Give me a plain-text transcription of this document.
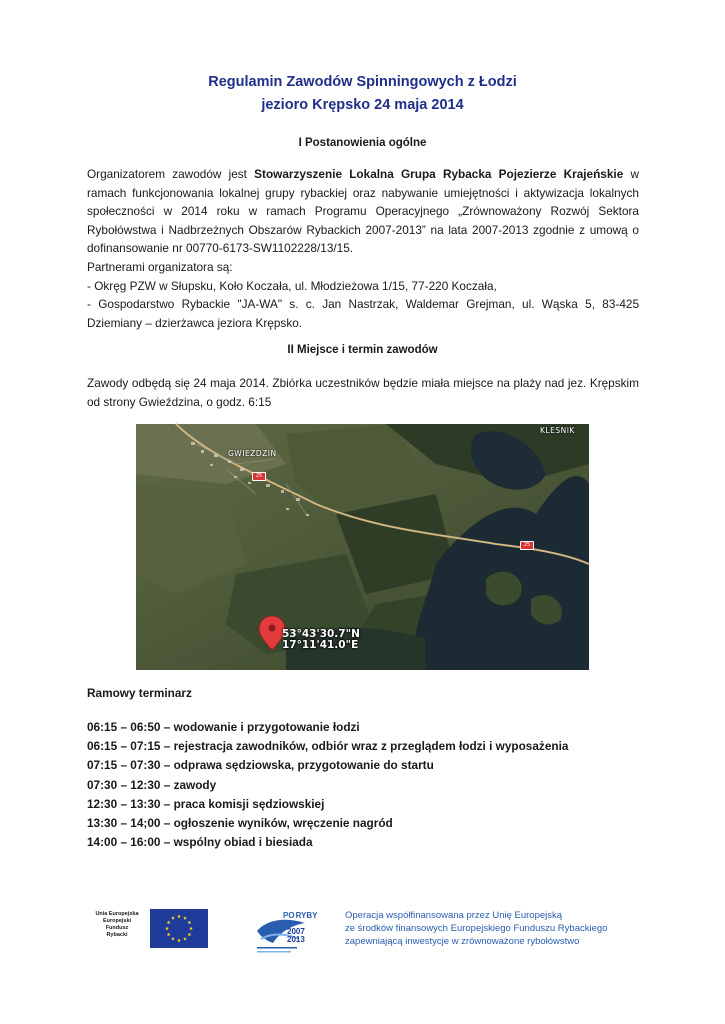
Regulamin Zawodów Spinningowych z Łodzi
jezioro Krępsko 24 maja 2014
I Postanowienia ogólne
Organizatorem zawodów jest Stowarzyszenie Lokalna Grupa Rybacka Pojezierze Krajeńskie w ramach funkcjonowania lokalnej grupy rybackiej oraz nabywanie umiejętności i aktywizacja lokalnych społeczności w 2014 roku w ramach Programu Operacyjnego „Zrównoważony Rozwój Sektora Rybołówstwa i Nadbrzeżnych Obszarów Rybackich 2007-2013” na lata 2007-2013 zgodnie z umową o dofinansowanie nr 00770-6173-SW1102228/13/15.
Partnerami organizatora są:
- Okręg PZW w Słupsku, Koło Koczała, ul. Młodzieżowa 1/15, 77-220 Koczała,
- Gospodarstwo Rybackie "JA-WA" s. c. Jan Nastrzak, Waldemar Grejman, ul. Wąska 5, 83-425 Dziemiany – dzierżawca jeziora Krępsko.
II Miejsce i termin zawodów
Zawody odbędą się 24 maja 2014. Zbiórka uczestników będzie miała miejsce na plaży nad jez. Krępskim od strony Gwieździna, o godz. 6:15
GWIEZDZIN
KLESNIK
25
25
53°43'30.7"N
17°11'41.0"E
Ramowy terminarz
06:15 – 06:50 – wodowanie i przygotowanie łodzi
06:15 – 07:15 – rejestracja zawodników, odbiór wraz z przeglądem łodzi i wyposażenia
07:15 – 07:30 – odprawa sędziowska, przygotowanie do startu
07:30 – 12:30 – zawody
12:30 – 13:30 – praca komisji sędziowskiej
13:30 – 14;00 – ogłoszenie wyników, wręczenie nagród
14:00 – 16:00 – wspólny obiad i biesiada
Unia Europejska
Europejski
Fundusz
Rybacki
PORYBY
2007
2013
Operacja współfinansowana przez Unię Europejską
ze środków finansowych Europejskiego Funduszu Rybackiego
zapewniającą inwestycje w zrównoważone rybołówstwo
